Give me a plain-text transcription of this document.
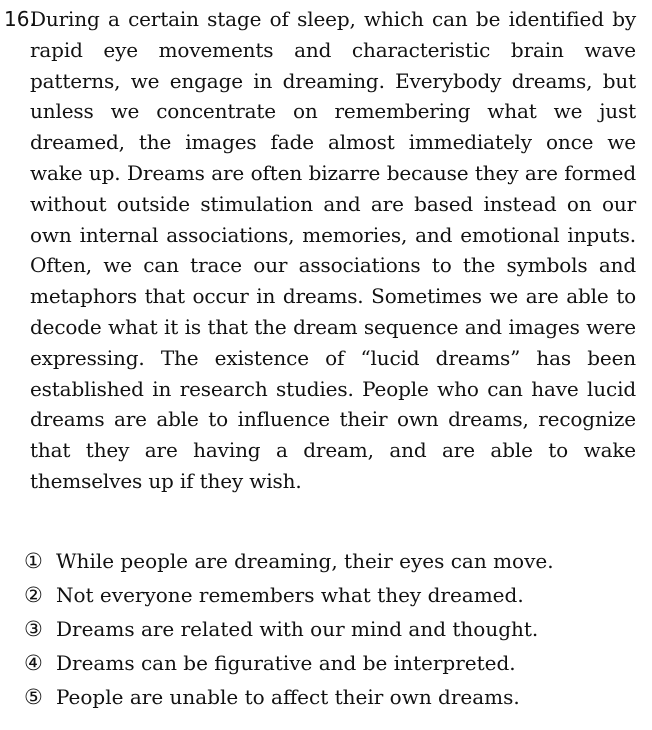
16.

During a certain stage of sleep, which can be identified by rapid eye movements and characteristic brain wave patterns, we engage in dreaming. Everybody dreams, but unless we concentrate on remembering what we just dreamed, the images fade almost immediately once we wake up. Dreams are often bizarre because they are formed without outside stimulation and are based instead on our own internal associations, memories, and emotional inputs. Often, we can trace our associations to the symbols and metaphors that occur in dreams. Sometimes we are able to decode what it is that the dream sequence and images were expressing. The existence of “lucid dreams” has been established in research studies. People who can have lucid dreams are able to influence their own dreams, recognize that they are having a dream, and are able to wake themselves up if they wish.

① While people are dreaming, their eyes can move.
② Not everyone remembers what they dreamed.
③ Dreams are related with our mind and thought.
④ Dreams can be figurative and be interpreted.
⑤ People are unable to affect their own dreams.
